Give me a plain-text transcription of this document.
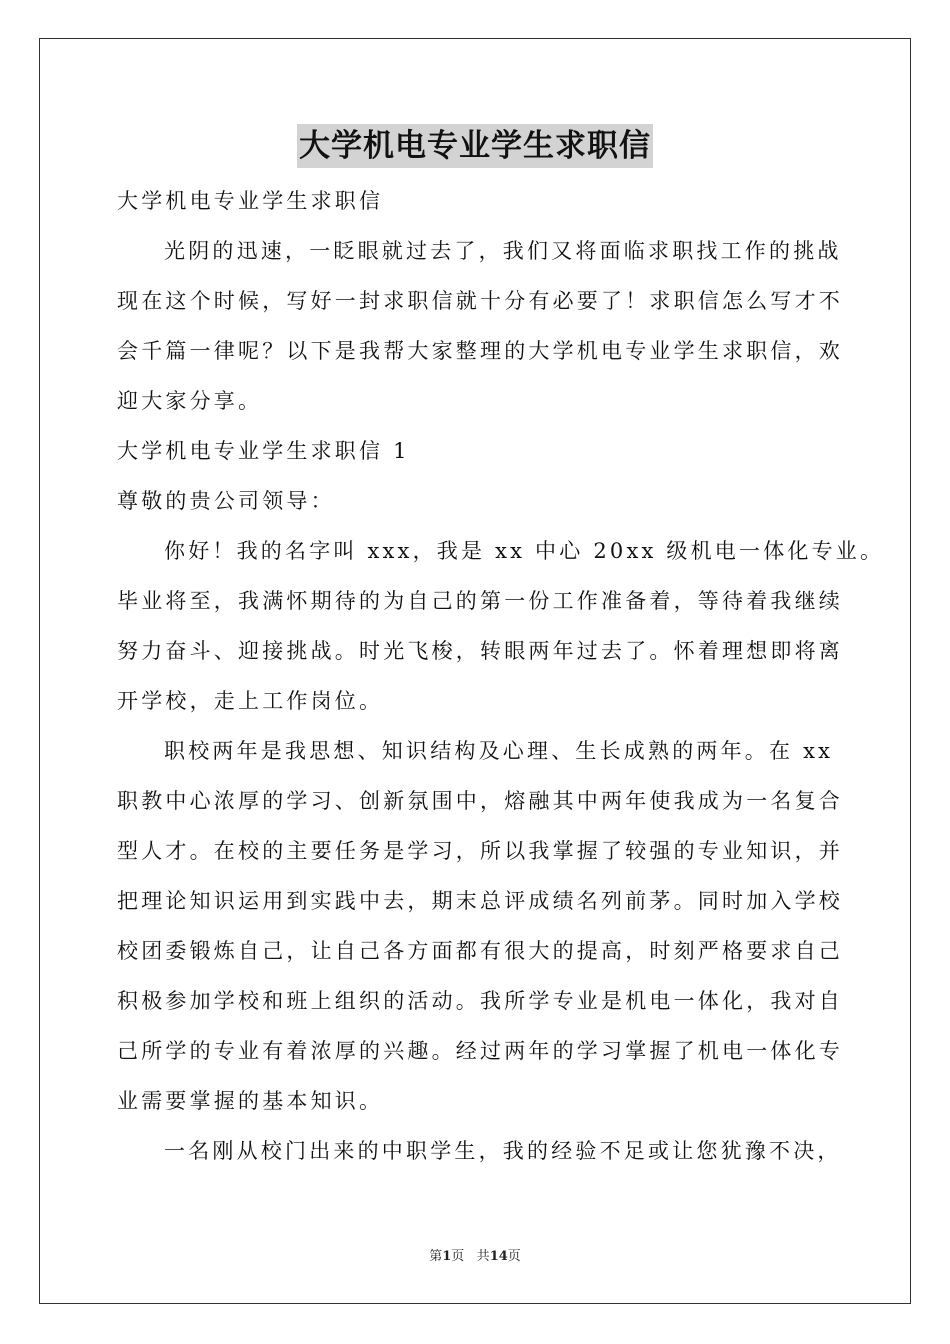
大学机电专业学生求职信
大学机电专业学生求职信
光阴的迅速，一眨眼就过去了，我们又将面临求职找工作的挑战
现在这个时候，写好一封求职信就十分有必要了！求职信怎么写才不
会千篇一律呢？以下是我帮大家整理的大学机电专业学生求职信，欢
迎大家分享。
大学机电专业学生求职信 1
尊敬的贵公司领导：
你好！我的名字叫 xxx，我是 xx 中心 20xx 级机电一体化专业。
毕业将至，我满怀期待的为自己的第一份工作准备着，等待着我继续
努力奋斗、迎接挑战。时光飞梭，转眼两年过去了。怀着理想即将离
开学校，走上工作岗位。
职校两年是我思想、知识结构及心理、生长成熟的两年。在 xx
职教中心浓厚的学习、创新氛围中，熔融其中两年使我成为一名复合
型人才。在校的主要任务是学习，所以我掌握了较强的专业知识，并
把理论知识运用到实践中去，期末总评成绩名列前茅。同时加入学校
校团委锻炼自己，让自己各方面都有很大的提高，时刻严格要求自己
积极参加学校和班上组织的活动。我所学专业是机电一体化，我对自
己所学的专业有着浓厚的兴趣。经过两年的学习掌握了机电一体化专
业需要掌握的基本知识。
一名刚从校门出来的中职学生，我的经验不足或让您犹豫不决，
第1页 共14页
